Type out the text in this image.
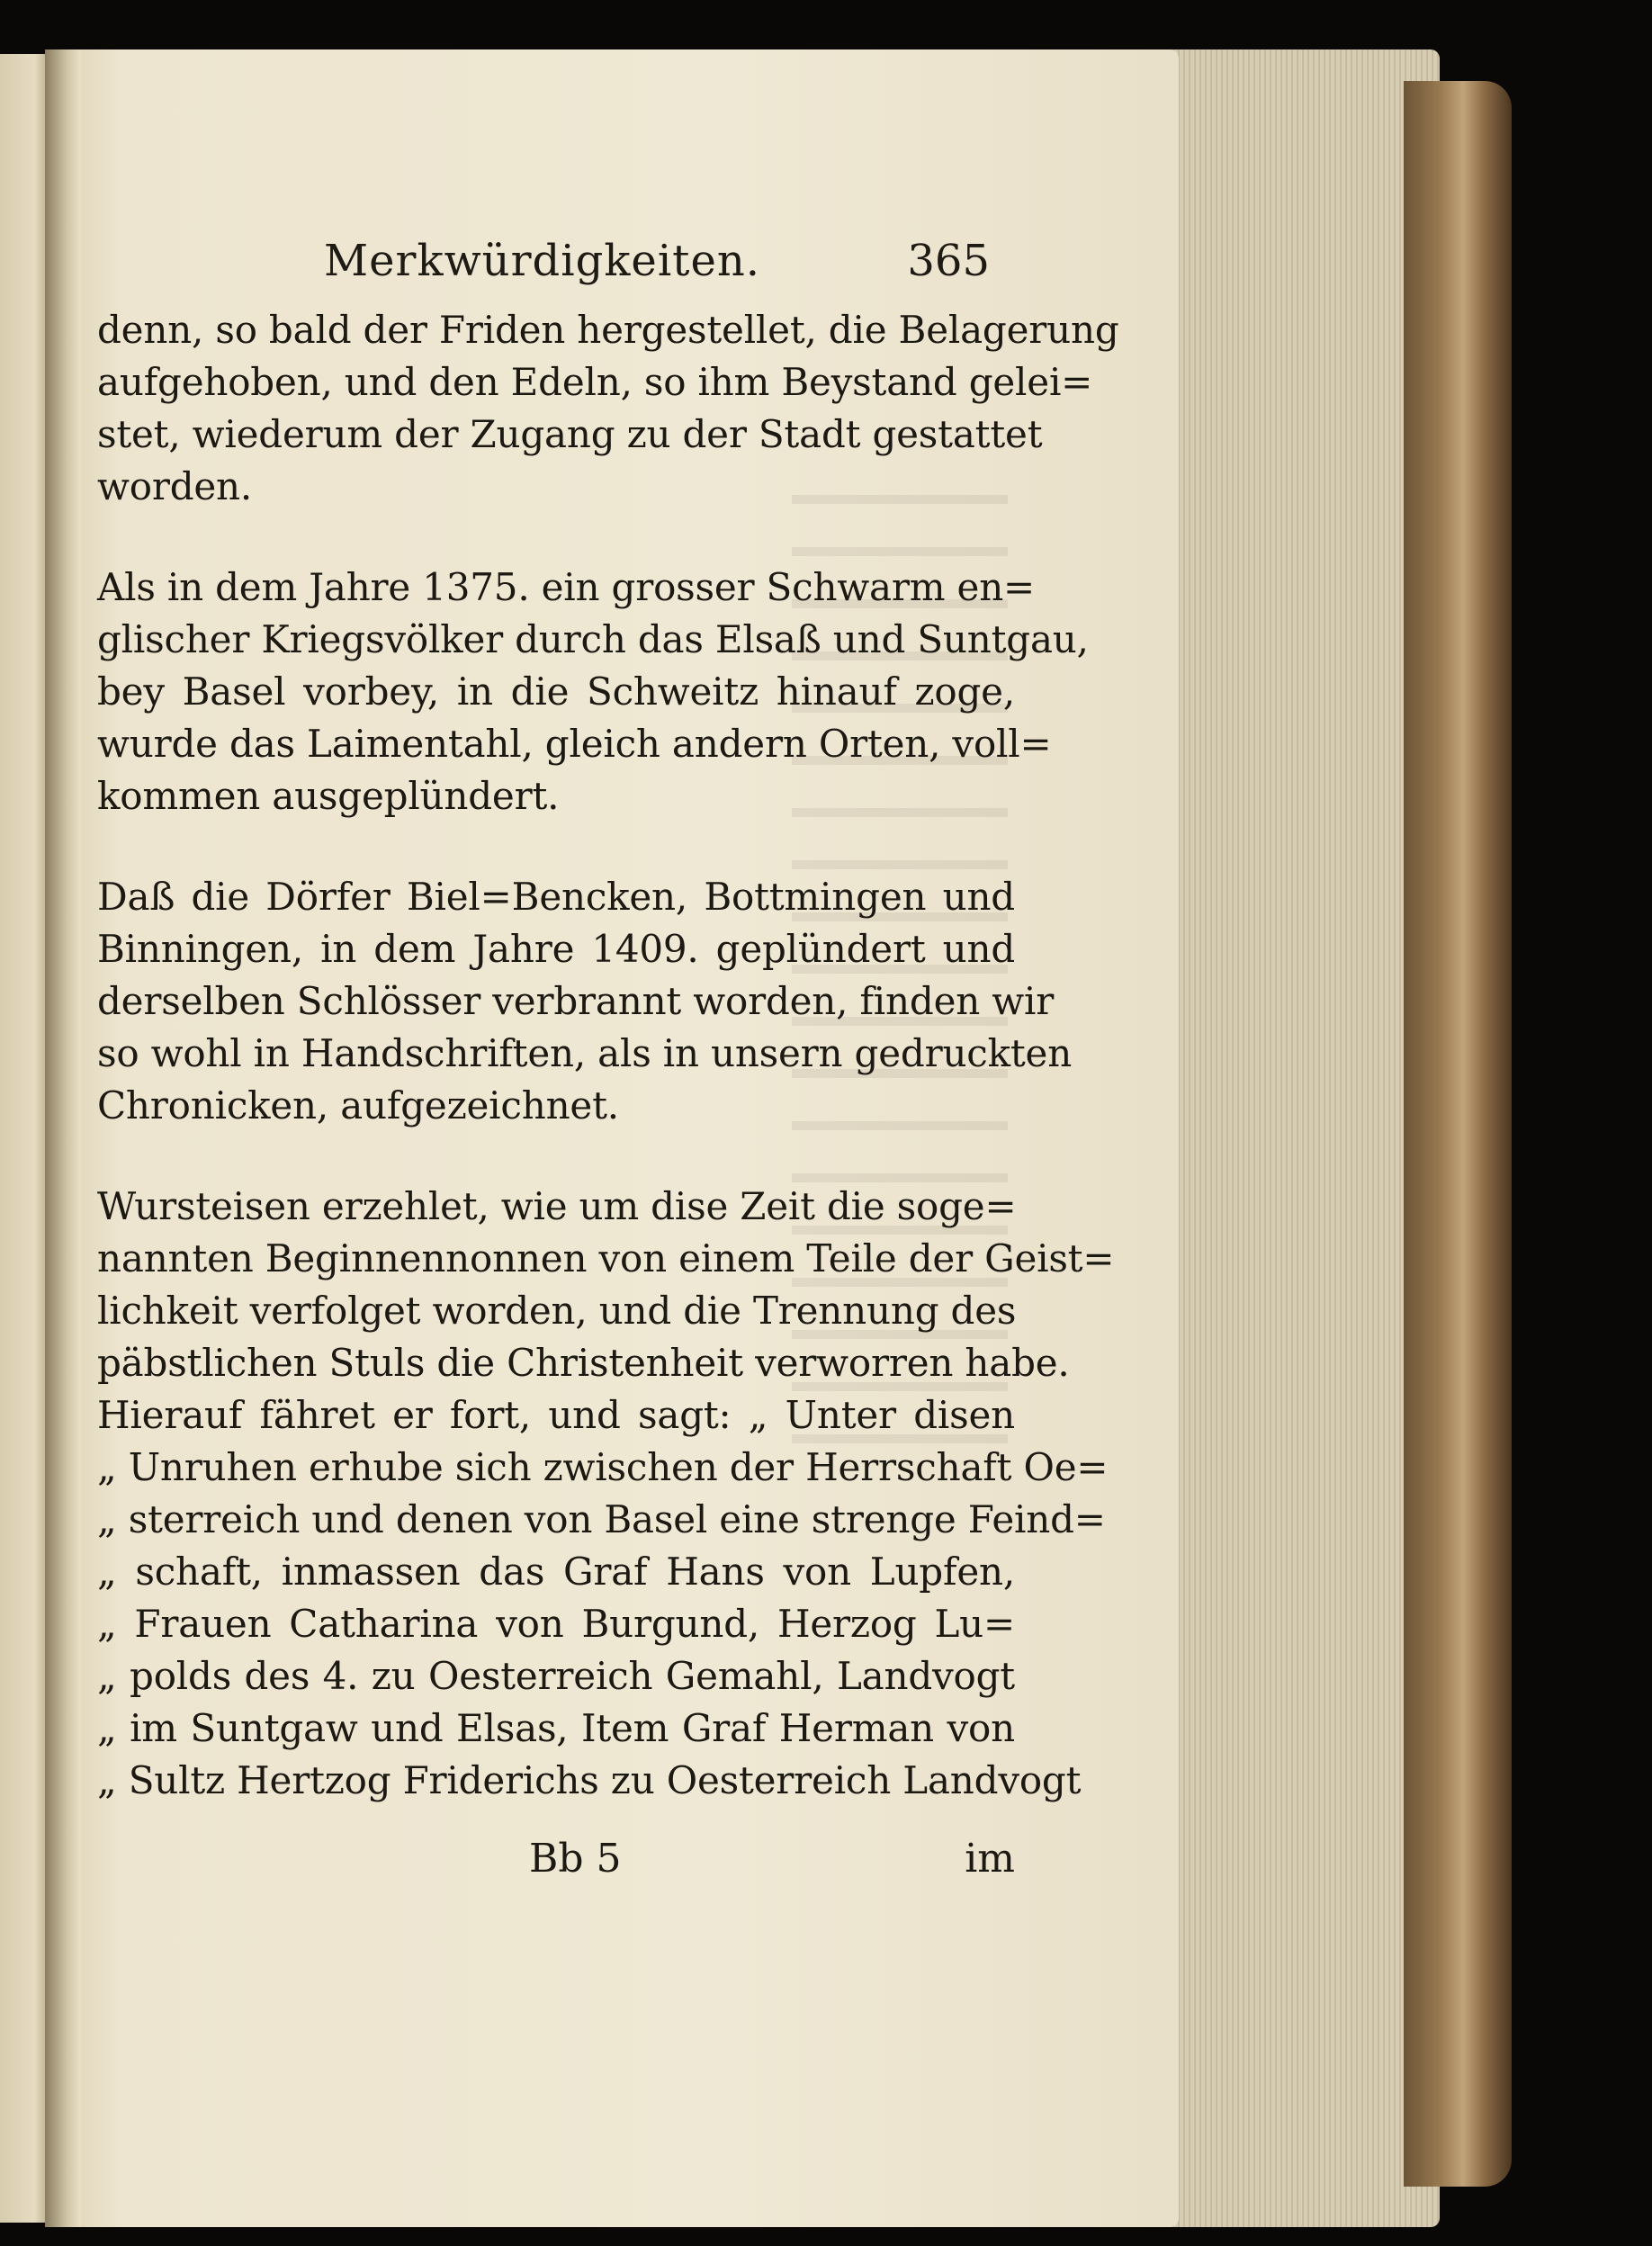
Merkwürdigkeiten.	365
denn, so bald der Friden hergestellet, die Belagerung
aufgehoben, und den Edeln, so ihm Beystand gelei=
stet, wiederum der Zugang zu der Stadt gestattet
worden.
Als in dem Jahre 1375. ein grosser Schwarm en=
glischer Kriegsvölker durch das Elsaß und Suntgau,
bey Basel vorbey, in die Schweitz hinauf zoge,
wurde das Laimentahl, gleich andern Orten, voll=
kommen ausgeplündert.
Daß die Dörfer Biel=Bencken, Bottmingen und
Binningen, in dem Jahre 1409. geplündert und
derselben Schlösser verbrannt worden, finden wir
so wohl in Handschriften, als in unsern gedruckten
Chronicken, aufgezeichnet.
Wursteisen erzehlet, wie um dise Zeit die soge=
nannten Beginnennonnen von einem Teile der Geist=
lichkeit verfolget worden, und die Trennung des
päbstlichen Stuls die Christenheit verworren habe.
Hierauf fähret er fort, und sagt: „ Unter disen
„ Unruhen erhube sich zwischen der Herrschaft Oe=
„ sterreich und denen von Basel eine strenge Feind=
„ schaft, inmassen das Graf Hans von Lupfen,
„ Frauen Catharina von Burgund, Herzog Lu=
„ polds des 4. zu Oesterreich Gemahl, Landvogt
„ im Suntgaw und Elsas, Item Graf Herman von
„ Sultz Hertzog Friderichs zu Oesterreich Landvogt
Bb 5	im
